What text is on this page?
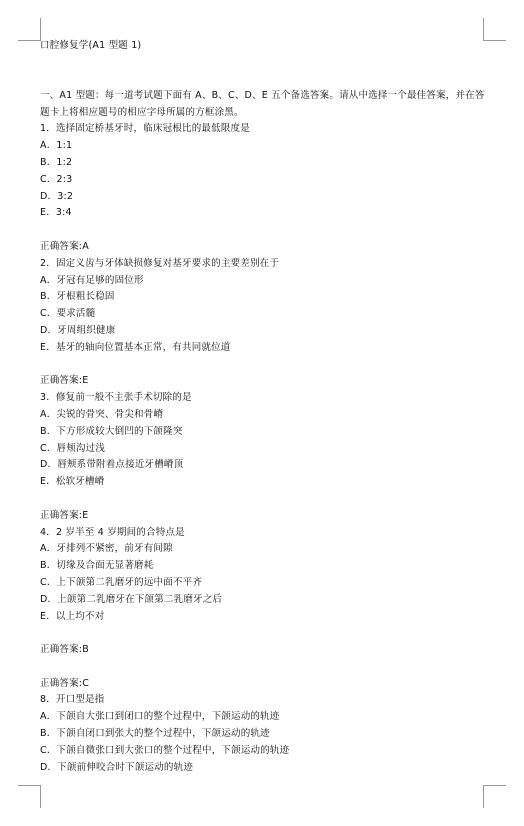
口腔修复学(A1 型题 1)
一、A1 型题：每一道考试题下面有 A、B、C、D、E 五个备选答案。请从中选择一个最佳答案，并在答题卡上将相应题号的相应字母所属的方框涂黑。
1．选择固定桥基牙时，临床冠根比的最低限度是
A．1:1
B．1:2
C．2:3
D．3:2
E．3:4
正确答案:A
2．固定义齿与牙体缺损修复对基牙要求的主要差别在于
A．牙冠有足够的固位形
B．牙根粗长稳固
C．要求活髓
D．牙周组织健康
E．基牙的轴向位置基本正常，有共同就位道
正确答案:E
3．修复前一般不主张手术切除的是
A．尖锐的骨突、骨尖和骨嵴
B．下方形成较大倒凹的下颌隆突
C．唇颊沟过浅
D．唇颊系带附着点接近牙槽嵴顶
E．松软牙槽嵴
正确答案:E
4．2 岁半至 4 岁期间的合特点是
A．牙排列不紧密，前牙有间隙
B．切缘及合面无显著磨耗
C．上下颌第二乳磨牙的远中面不平齐
D．上颌第二乳磨牙在下颌第二乳磨牙之后
E．以上均不对
正确答案:B
正确答案:C
8．开口型是指
A．下颌自大张口到闭口的整个过程中，下颌运动的轨迹
B．下颌自闭口到张大的整个过程中，下颌运动的轨迹
C．下颌自微张口到大张口的整个过程中，下颌运动的轨迹
D．下颌前伸咬合时下颌运动的轨迹
